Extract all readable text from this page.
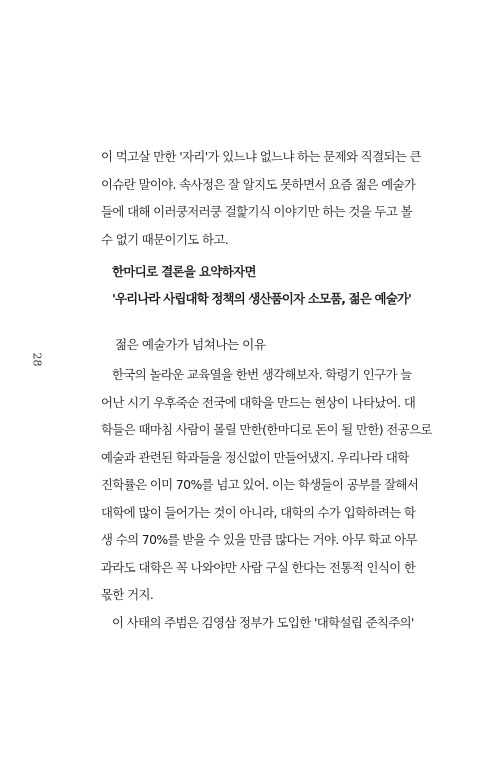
28
이 먹고살 만한 '자리'가 있느냐 없느냐 하는 문제와 직결되는 큰
이슈란 말이야. 속사정은 잘 알지도 못하면서 요즘 젊은 예술가
들에 대해 이러쿵저러쿵 걸핥기식 이야기만 하는 것을 두고 볼
수 없기 때문이기도 하고.
한마디로 결론을 요약하자면
'우리나라 사립대학 정책의 생산품이자 소모품, 젊은 예술가'
젊은 예술가가 넘쳐나는 이유
한국의 놀라운 교육열을 한번 생각해보자. 학령기 인구가 늘
어난 시기 우후죽순 전국에 대학을 만드는 현상이 나타났어. 대
학들은 때마침 사람이 몰릴 만한(한마디로 돈이 될 만한) 전공으로
예술과 관련된 학과들을 정신없이 만들어냈지. 우리나라 대학
진학률은 이미 70%를 넘고 있어. 이는 학생들이 공부를 잘해서
대학에 많이 들어가는 것이 아니라, 대학의 수가 입학하려는 학
생 수의 70%를 받을 수 있을 만큼 많다는 거야. 아무 학교 아무
과라도 대학은 꼭 나와야만 사람 구실 한다는 전통적 인식이 한
몫한 거지.
이 사태의 주범은 김영삼 정부가 도입한 '대학설립 준칙주의'
